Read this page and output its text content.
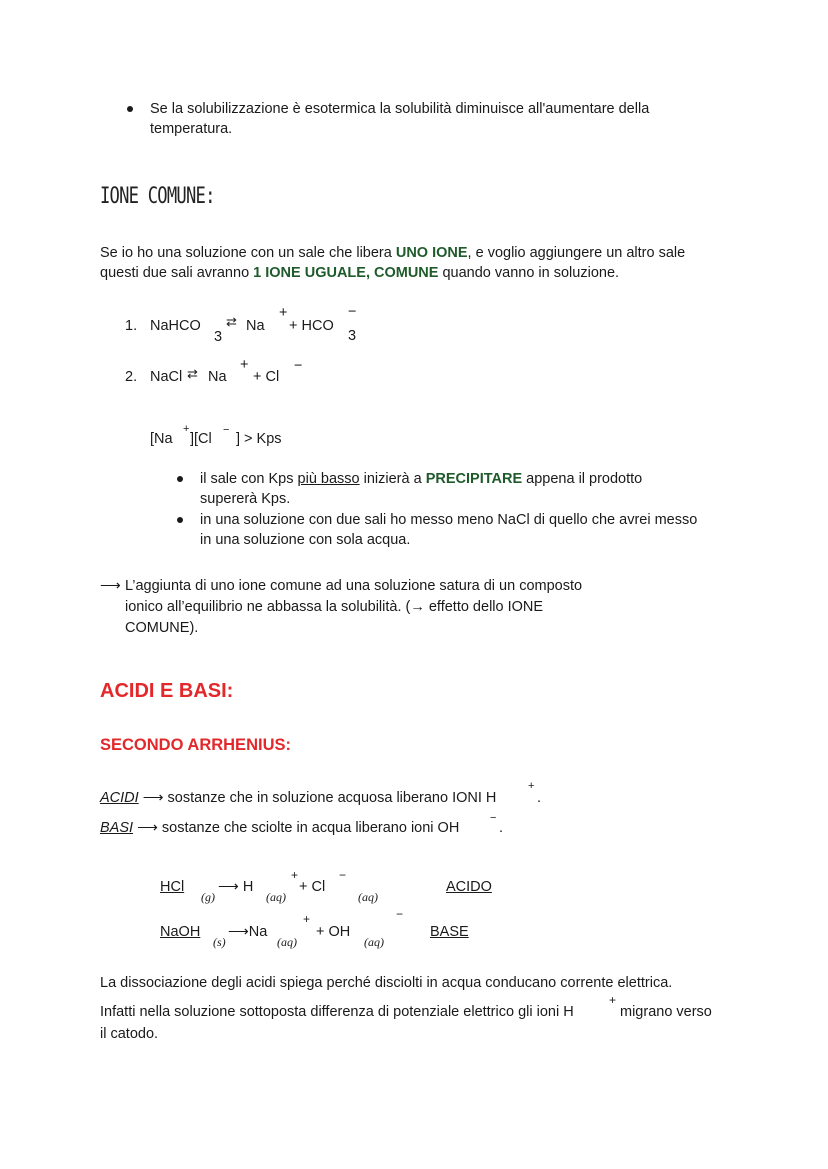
Se la solubilizzazione è esotermica la solubilità diminuisce all'aumentare della
temperatura.
IONE COMUNE:
Se io ho una soluzione con un sale che libera UNO IONE, e voglio aggiungere un altro sale
questi due sali avranno 1 IONE UGUALE, COMUNE quando vanno in soluzione.
1. NaHCO
3
⇄ Na
+
+ HCO
−
3
2. NaCl ⇄ Na
+
+ Cl
−
[Na
+
][Cl
−
] > Kps
il sale con Kps più basso inizierà a PRECIPITARE appena il prodotto
supererà Kps.
in una soluzione con due sali ho messo meno NaCl di quello che avrei messo
in una soluzione con sola acqua.
⟶ L’aggiunta di uno ione comune ad una soluzione satura di un composto
ionico all’equilibrio ne abbassa la solubilità. (→ effetto dello IONE
COMUNE).
ACIDI E BASI:
SECONDO ARRHENIUS:
ACIDI ⟶ sostanze che in soluzione acquosa liberano IONI H
+
.
BASI ⟶ sostanze che sciolte in acqua liberano ioni OH
−
.
HCl
(g)
⟶ H
(aq)
+
+ Cl
−
(aq)
ACIDO
NaOH
(s)
⟶Na
(aq)
+
+ OH
−
(aq)
BASE
La dissociazione degli acidi spiega perché disciolti in acqua conducano corrente elettrica.
Infatti nella soluzione sottoposta differenza di potenziale elettrico gli ioni H
+
migrano verso
il catodo.
